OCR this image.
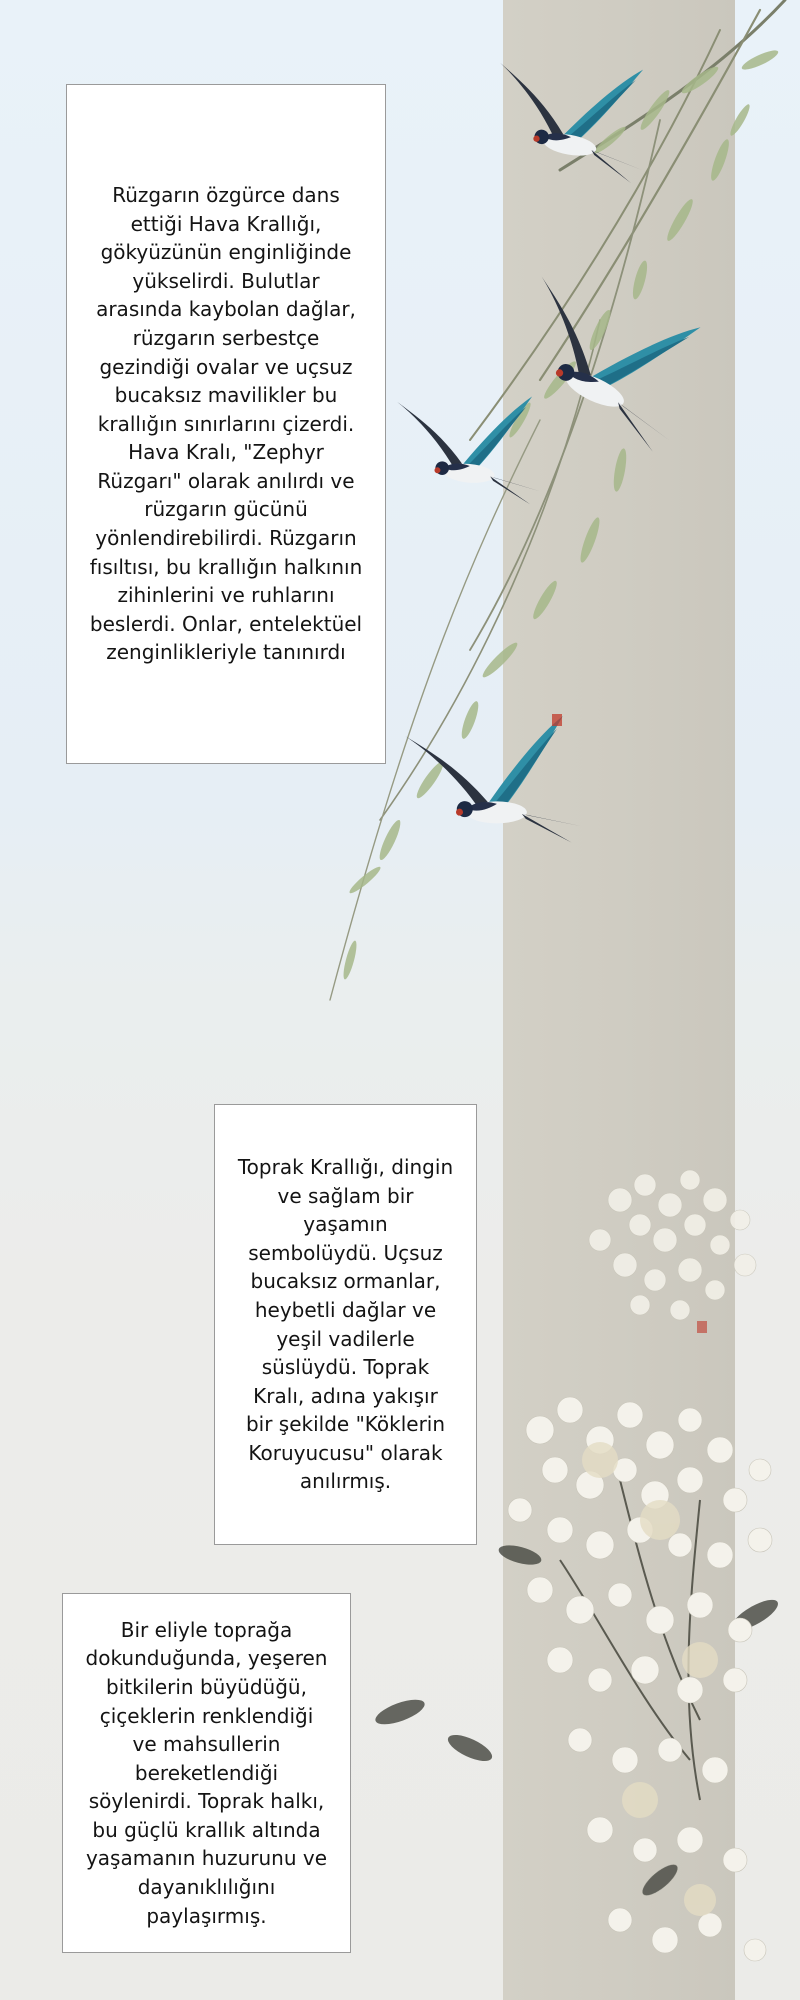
Rüzgarın özgürce dans ettiği Hava Krallığı, gökyüzünün enginliğinde yükselirdi. Bulutlar arasında kaybolan dağlar, rüzgarın serbestçe gezindiği ovalar ve uçsuz bucaksız mavilikler bu krallığın sınırlarını çizerdi. Hava Kralı, "Zephyr Rüzgarı" olarak anılırdı ve rüzgarın gücünü yönlendirebilirdi. Rüzgarın fısıltısı, bu krallığın halkının zihinlerini ve ruhlarını beslerdi. Onlar, entelektüel zenginlikleriyle tanınırdı

Toprak Krallığı, dingin ve sağlam bir yaşamın sembolüydü. Uçsuz bucaksız ormanlar, heybetli dağlar ve yeşil vadilerle süslüydü. Toprak Kralı, adına yakışır bir şekilde "Köklerin Koruyucusu" olarak anılırmış.

Bir eliyle toprağa dokunduğunda, yeşeren bitkilerin büyüdüğü, çiçeklerin renklendiği ve mahsullerin bereketlendiği söylenirdi. Toprak halkı, bu güçlü krallık altında yaşamanın huzurunu ve dayanıklılığını paylaşırmış.
